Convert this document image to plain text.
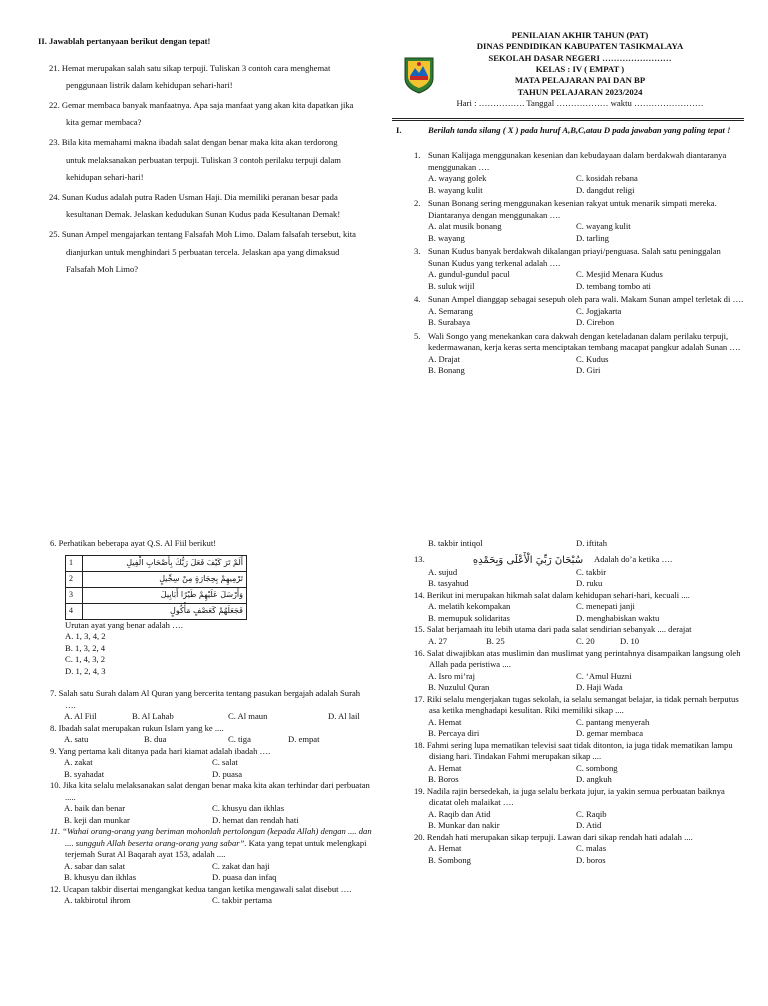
II. Jawablah pertanyaan berikut dengan tepat!

21. Hemat merupakan salah satu sikap terpuji. Tuliskan 3 contoh cara menghemat penggunaan listrik dalam kehidupan sehari-hari!

22. Gemar membaca banyak manfaatnya. Apa saja manfaat yang akan kita dapatkan jika kita gemar membaca?

23. Bila kita memahami makna ibadah salat dengan benar maka kita akan terdorong untuk melaksanakan perbuatan terpuji. Tuliskan 3 contoh perilaku terpuji dalam kehidupan sehari-hari!

24. Sunan Kudus adalah putra Raden Usman Haji. Dia memiliki peranan besar pada kesultanan Demak. Jelaskan kedudukan Sunan Kudus pada Kesultanan Demak!

25. Sunan Ampel mengajarkan tentang Falsafah Moh Limo. Dalam falsafah tersebut, kita dianjurkan untuk menghindari 5 perbuatan tercela. Jelaskan apa yang dimaksud Falsafah Moh Limo?

PENILAIAN AKHIR TAHUN (PAT)

DINAS PENDIDIKAN KABUPATEN TASIKMALAYA

SEKOLAH DASAR NEGERI ……………………

KELAS : IV ( EMPAT )

MATA PELAJARAN PAI DAN BP

TAHUN PELAJARAN 2023/2024

Hari : ……………. Tanggal ……………… waktu ……………………

I.	Berilah tanda silang ( X ) pada huruf A,B,C,atau D pada jawaban yang paling tepat !

1. Sunan Kalijaga menggunakan kesenian dan kebudayaan dalam berdakwah diantaranya menggunakan ….

A. wayang golek	C. kosidah rebana
B. wayang kulit	D. dangdut religi
2. Sunan Bonang sering menggunakan kesenian rakyat untuk menarik simpati mereka. Diantaranya dengan menggunakan ….

A. alat musik bonang	C. wayang kulit
B. wayang	D. tarling
3. Sunan Kudus banyak berdakwah dikalangan priayi/penguasa. Salah satu peninggalan Sunan Kudus yang terkenal adalah ….

A. gundul-gundul pacul	C. Mesjid Menara Kudus
B. suluk wijil	D. tembang tombo ati
4. Sunan Ampel dianggap sebagai sesepuh oleh para wali. Makam Sunan ampel terletak di ….

A. Semarang	C. Jogjakarta
B. Surabaya	D. Cirebon
5. Wali Songo yang menekankan cara dakwah dengan keteladanan dalam perilaku terpuji, kedermawanan, kerja keras serta menciptakan tembang macapat pangkur adalah Sunan ….

A. Drajat	C. Kudus
B. Bonang	D. Giri

6. Perhatikan beberapa ayat Q.S. Al Fiil berikut!

1	أَلَمْ تَرَ كَيْفَ فَعَلَ رَبُّكَ بِأَصْحَابِ الْفِيلِ
2	تَرْمِيهِمْ بِحِجَارَةٍ مِنْ سِجِّيلٍ
3	وَأَرْسَلَ عَلَيْهِمْ طَيْرًا أَبَابِيلَ
4	فَجَعَلَهُمْ كَعَصْفٍ مَأْكُولٍ

Urutan ayat yang benar adalah ….

A. 1, 3, 4, 2

B. 1, 3, 2, 4

C. 1, 4, 3, 2

D. 1, 2, 4, 3

7. Salah satu Surah dalam Al Quran yang bercerita tentang pasukan bergajah adalah Surah ….

A. Al Fiil	B. Al Lahab	C. Al maun	D. Al lail

8. Ibadah salat merupakan rukun Islam yang ke ....

A. satu	B. dua	C. tiga	D. empat

9. Yang pertama kali ditanya pada hari kiamat adalah ibadah ….

A. zakat	C. salat
B. syahadat	D. puasa

10. Jika kita selalu melaksanakan salat dengan benar maka kita akan terhindar dari perbuatan .....

A. baik dan benar	C. khusyu dan ikhlas
B. keji dan munkar	D. hemat dan rendah hati

11. “Wahai orang-orang yang beriman mohonlah pertolongan (kepada Allah) dengan .... dan .... sungguh Allah beserta orang-orang yang sabar”. Kata yang tepat untuk melengkapi terjemah Surat Al Baqarah ayat 153, adalah ....

A. sabar dan salat	C. zakat dan haji
B. khusyu dan ikhlas	D. puasa dan infaq

12. Ucapan takbir disertai mengangkat kedua tangan ketika mengawali salat disebut ….

A. takbirotul ihrom	C. takbir pertama
B. takbir intiqol	D. iftitah
13.	سُبْحَانَ رَبِّيَ الْأَعْلَى وَبِحَمْدِهِ	Adalah do’a ketika ….
A. sujud	C. takbir
B. tasyahud	D. ruku

14. Berikut ini merupakan hikmah salat dalam kehidupan sehari-hari, kecuali ....

A. melatih kekompakan	C. menepati janji
B. memupuk solidaritas	D. menghabiskan waktu

15. Salat berjamaah itu lebih utama dari pada salat sendirian sebanyak .... derajat

A. 27	B. 25	C. 20	D. 10

16. Salat diwajibkan atas muslimin dan muslimat yang perintahnya disampaikan langsung oleh Allah pada peristiwa ....

A. Isro mi’raj	C. ‘Amul Huzni
B. Nuzulul Quran	D. Haji Wada

17. Riki selalu mengerjakan tugas sekolah, ia selalu semangat belajar, ia tidak pernah berputus asa ketika menghadapi kesulitan. Riki memiliki sikap ....

A. Hemat	C. pantang menyerah
B. Percaya diri	D. gemar membaca

18. Fahmi sering lupa mematikan televisi saat tidak ditonton, ia juga tidak mematikan lampu disiang hari. Tindakan Fahmi merupakan sikap ....

A. Hemat	C. sombong
B. Boros	D. angkuh

19. Nadila rajin bersedekah, ia juga selalu berkata jujur, ia yakin semua perbuatan baiknya dicatat oleh malaikat ….

A. Raqib dan Atid	C. Raqib
B. Munkar dan nakir	D. Atid

20. Rendah hati merupakan sikap terpuji. Lawan dari sikap rendah hati adalah ....

A. Hemat	C. malas
B. Sombong	D. boros
